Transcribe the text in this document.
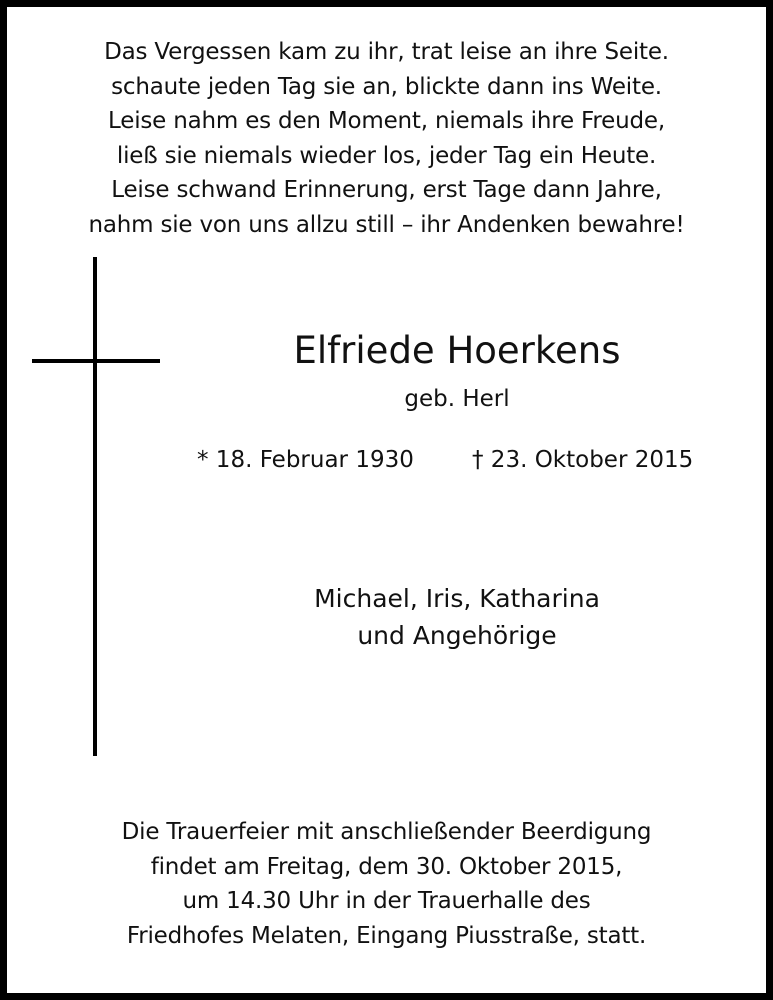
Das Vergessen kam zu ihr, trat leise an ihre Seite.
schaute jeden Tag sie an, blickte dann ins Weite.
Leise nahm es den Moment, niemals ihre Freude,
ließ sie niemals wieder los, jeder Tag ein Heute.
Leise schwand Erinnerung, erst Tage dann Jahre,
nahm sie von uns allzu still – ihr Andenken bewahre!
Elfriede Hoerkens
geb. Herl
* 18. Februar 1930	† 23. Oktober 2015
Michael, Iris, Katharina
und Angehörige
Die Trauerfeier mit anschließender Beerdigung
findet am Freitag, dem 30. Oktober 2015,
um 14.30 Uhr in der Trauerhalle des
Friedhofes Melaten, Eingang Piusstraße, statt.
